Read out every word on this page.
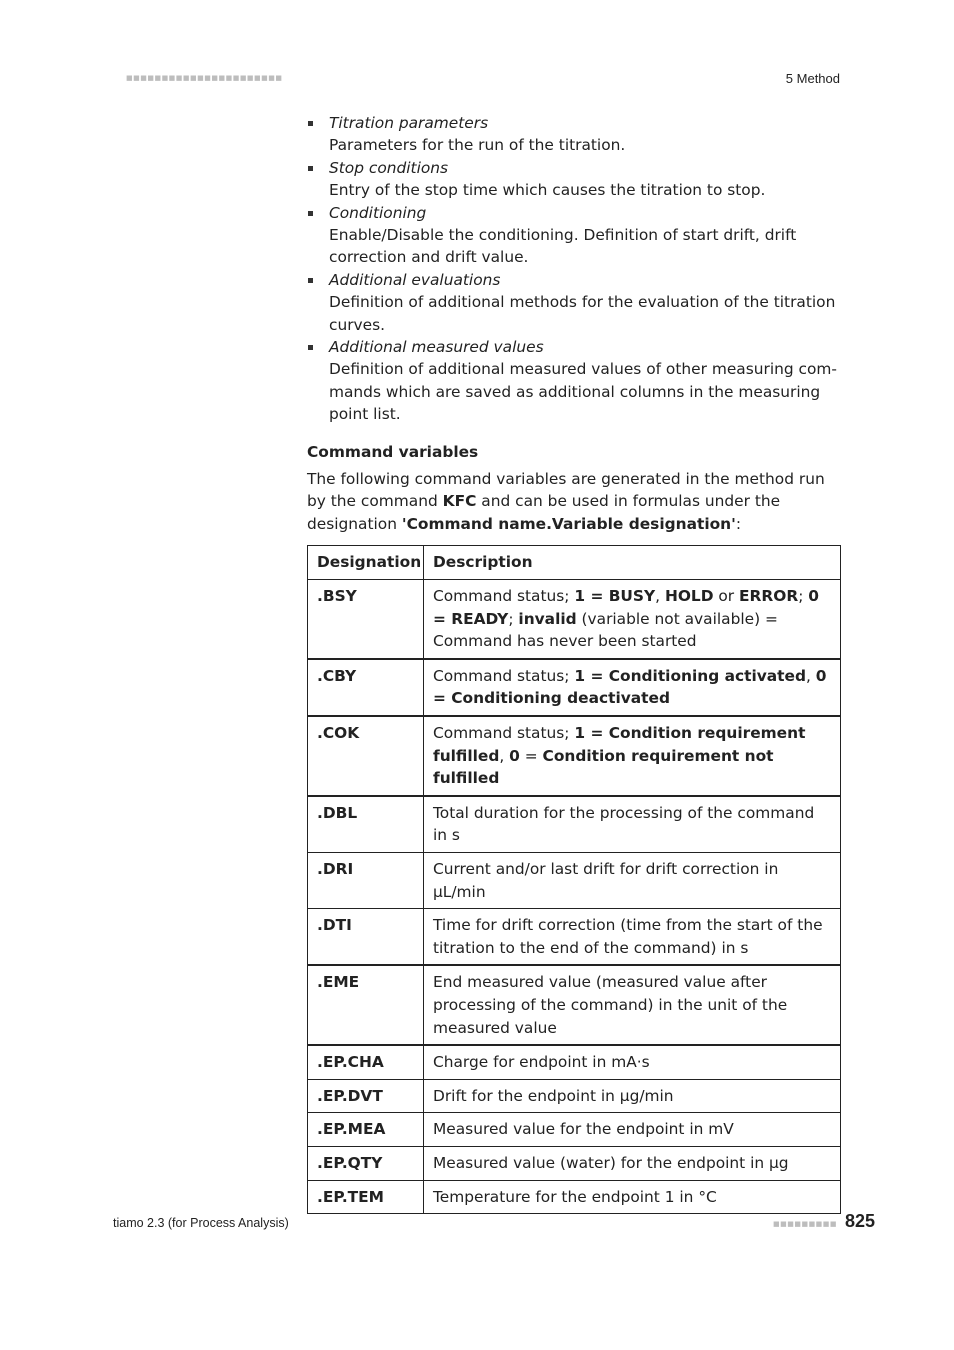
■■■■■■■■■■■■■■■■■■■■■■	5 Method
Titration parameters
Parameters for the run of the titration.
Stop conditions
Entry of the stop time which causes the titration to stop.
Conditioning
Enable/Disable the conditioning. Definition of start drift, drift correction and drift value.
Additional evaluations
Definition of additional methods for the evaluation of the titration curves.
Additional measured values
Definition of additional measured values of other measuring commands which are saved as additional columns in the measuring point list.
Command variables

The following command variables are generated in the method run by the command KFC and can be used in formulas under the designation 'Command name.Variable designation':

Designation	Description
.BSY	Command status; 1 = BUSY, HOLD or ERROR; 0 = READY; invalid (variable not available) = Command has never been started
.CBY	Command status; 1 = Conditioning activated, 0 = Conditioning deactivated
.COK	Command status; 1 = Condition requirement fulfilled, 0 = Condition requirement not fulfilled
.DBL	Total duration for the processing of the command in s
.DRI	Current and/or last drift for drift correction in µL/min
.DTI	Time for drift correction (time from the start of the titration to the end of the command) in s
.EME	End measured value (measured value after processing of the command) in the unit of the measured value
.EP.CHA	Charge for endpoint in mA·s
.EP.DVT	Drift for the endpoint in µg/min
.EP.MEA	Measured value for the endpoint in mV
.EP.QTY	Measured value (water) for the endpoint in µg
.EP.TEM	Temperature for the endpoint 1 in °C
tiamo 2.3 (for Process Analysis)	■■■■■■■■■ 825
